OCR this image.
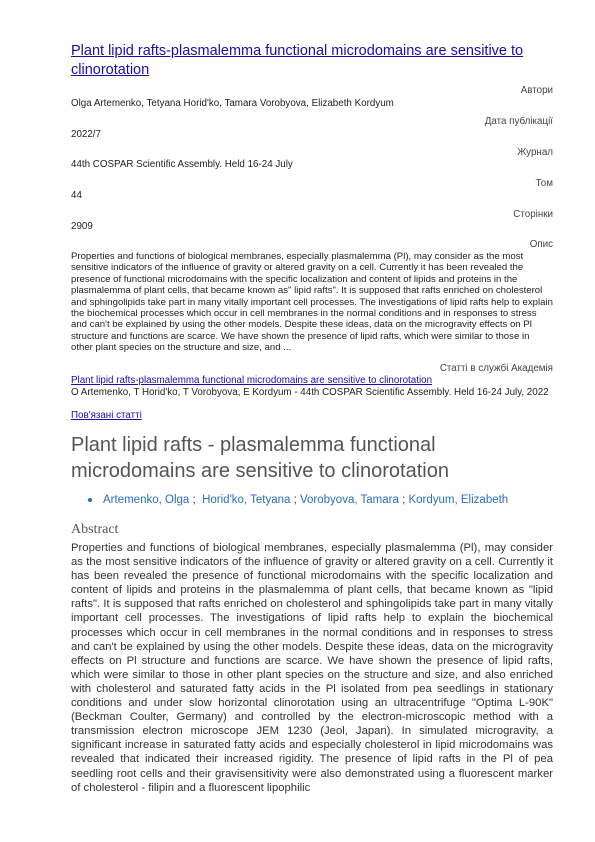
Plant lipid rafts-plasmalemma functional microdomains are sensitive to clinorotation
Автори
Olga Artemenko, Tetyana Horid'ko, Tamara Vorobyova, Elizabeth Kordyum
Дата публікації
2022/7
Журнал
44th COSPAR Scientific Assembly. Held 16-24 July
Том
44
Сторінки
2909
Опис
Properties and functions of biological membranes, especially plasmalemma (Pl), may consider as the most sensitive indicators of the influence of gravity or altered gravity on a cell. Currently it has been revealed the presence of functional microdomains with the specific localization and content of lipids and proteins in the plasmalemma of plant cells, that became known as" lipid rafts". It is supposed that rafts enriched on cholesterol and sphingolipids take part in many vitally important cell processes. The investigations of lipid rafts help to explain the biochemical processes which occur in cell membranes in the normal conditions and in responses to stress and can't be explained by using the other models. Despite these ideas, data on the microgravity effects on Pl structure and functions are scarce. We have shown the presence of lipid rafts, which were similar to those in other plant species on the structure and size, and ...
Статті в службі Академія
Plant lipid rafts-plasmalemma functional microdomains are sensitive to clinorotation
O Artemenko, T Horid'ko, T Vorobyova, E Kordyum - 44th COSPAR Scientific Assembly. Held 16-24 July, 2022
Пов'язані статті
Plant lipid rafts - plasmalemma functional microdomains are sensitive to clinorotation
Artemenko, Olga ; Horid'ko, Tetyana ; Vorobyova, Tamara ; Kordyum, Elizabeth
Abstract
Properties and functions of biological membranes, especially plasmalemma (Pl), may consider as the most sensitive indicators of the influence of gravity or altered gravity on a cell. Currently it has been revealed the presence of functional microdomains with the specific localization and content of lipids and proteins in the plasmalemma of plant cells, that became known as "lipid rafts". It is supposed that rafts enriched on cholesterol and sphingolipids take part in many vitally important cell processes. The investigations of lipid rafts help to explain the biochemical processes which occur in cell membranes in the normal conditions and in responses to stress and can't be explained by using the other models. Despite these ideas, data on the microgravity effects on Pl structure and functions are scarce. We have shown the presence of lipid rafts, which were similar to those in other plant species on the structure and size, and also enriched with cholesterol and saturated fatty acids in the Pl isolated from pea seedlings in stationary conditions and under slow horizontal clinorotation using an ultracentrifuge "Optima L-90K" (Beckman Coulter, Germany) and controlled by the electron-microscopic method with a transmission electron microscope JEM 1230 (Jeol, Japan). In simulated microgravity, a significant increase in saturated fatty acids and especially cholesterol in lipid microdomains was revealed that indicated their increased rigidity. The presence of lipid rafts in the Pl of pea seedling root cells and their gravisensitivity were also demonstrated using a fluorescent marker of cholesterol - filipin and a fluorescent lipophilic
